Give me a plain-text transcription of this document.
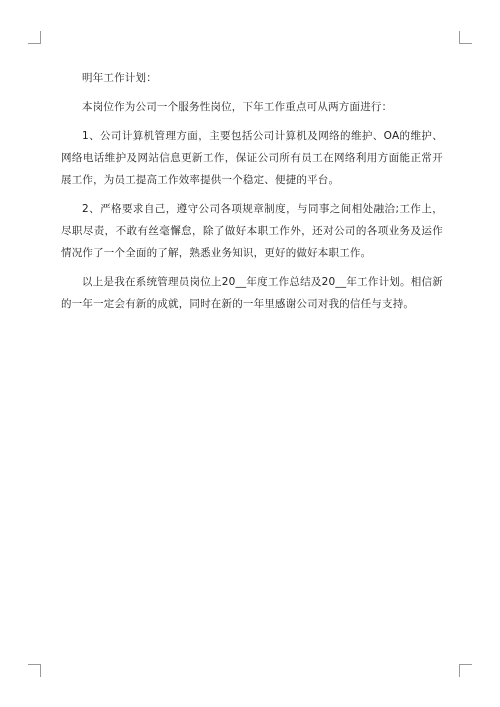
明年工作计划：

本岗位作为公司一个服务性岗位，下年工作重点可从两方面进行：

1、公司计算机管理方面，主要包括公司计算机及网络的维护、OA的维护、网络电话维护及网站信息更新工作，保证公司所有员工在网络利用方面能正常开展工作，为员工提高工作效率提供一个稳定、便捷的平台。

2、严格要求自己，遵守公司各项规章制度，与同事之间相处融洽;工作上，尽职尽责，不敢有丝毫懈怠，除了做好本职工作外，还对公司的各项业务及运作情况作了一个全面的了解，熟悉业务知识，更好的做好本职工作。

以上是我在系统管理员岗位上20__年度工作总结及20__年工作计划。相信新的一年一定会有新的成就，同时在新的一年里感谢公司对我的信任与支持。
